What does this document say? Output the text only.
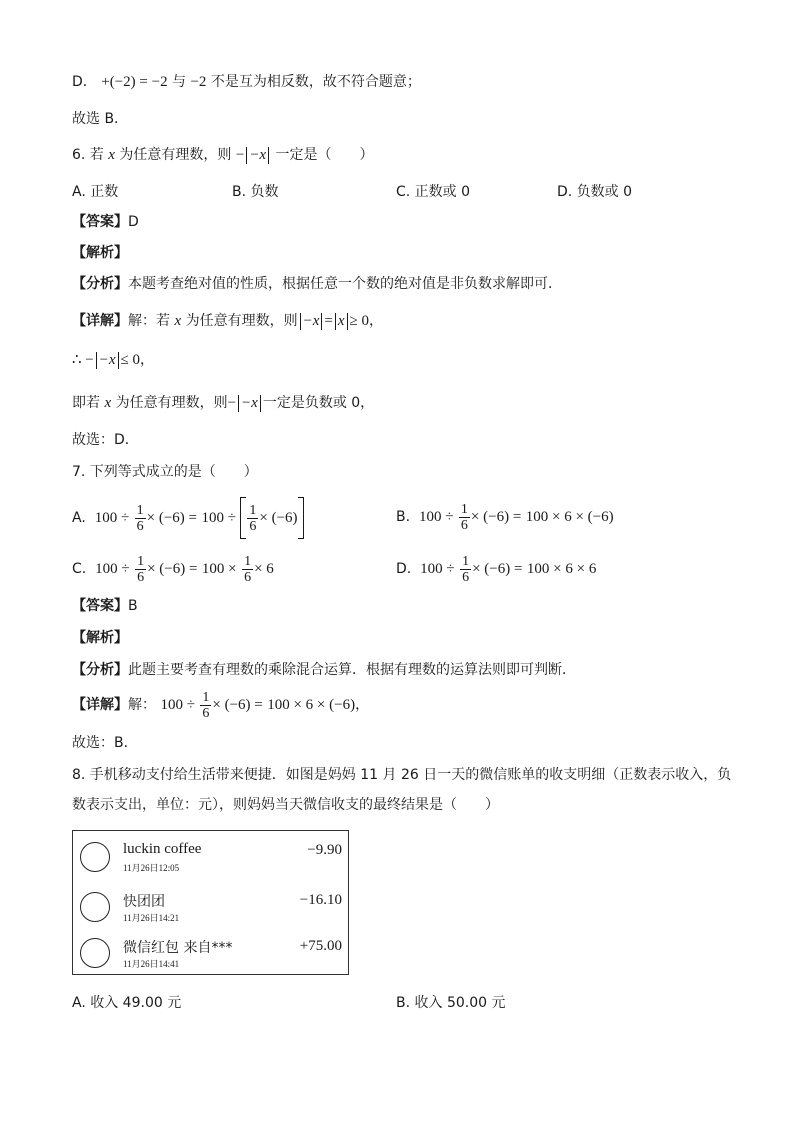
D． +(−2) = −2 与 −2 不是互为相反数，故不符合题意；
故选 B．
6. 若 x 为任意有理数，则 − −x 一定是（　　）
A. 正数	B. 负数	C. 正数或 0	D. 负数或 0
【答案】D
【解析】
【分析】本题考查绝对值的性质，根据任意一个数的绝对值是非负数求解即可．
【详解】解：若 x 为任意有理数，则 −x = x ≥ 0，
∴ − −x ≤ 0，
即若 x 为任意有理数，则− −x 一定是负数或 0，
故选：D．
7. 下列等式成立的是（　　）
A. $100 \div \frac{1}{6} \times (-6) = 100 \div \frac{1}{6} \times (-6)$	B. $100 \div \frac{1}{6} \times (-6) = 100 \times 6 \times (-6)$
C. $100 \div \frac{1}{6} \times (-6) = 100 \times \frac{1}{6} \times 6$	D. $100 \div \frac{1}{6} \times (-6) = 100 \times 6 \times 6$
【答案】B
【解析】
【分析】此题主要考查有理数的乘除混合运算．根据有理数的运算法则即可判断．
【详解】解： $100 \div \frac{1}{6} \times (-6) = 100 \times 6 \times (-6)$，
故选：B．
8. 手机移动支付给生活带来便捷．如图是妈妈 11 月 26 日一天的微信账单的收支明细（正数表示收入，负
数表示支出，单位：元），则妈妈当天微信收支的最终结果是（　　）
luckin coffee
11月26日12:05
−9.90
快团团
11月26日14:21
−16.10
微信红包 来自***
11月26日14:41
+75.00
A. 收入 49.00 元	B. 收入 50.00 元
